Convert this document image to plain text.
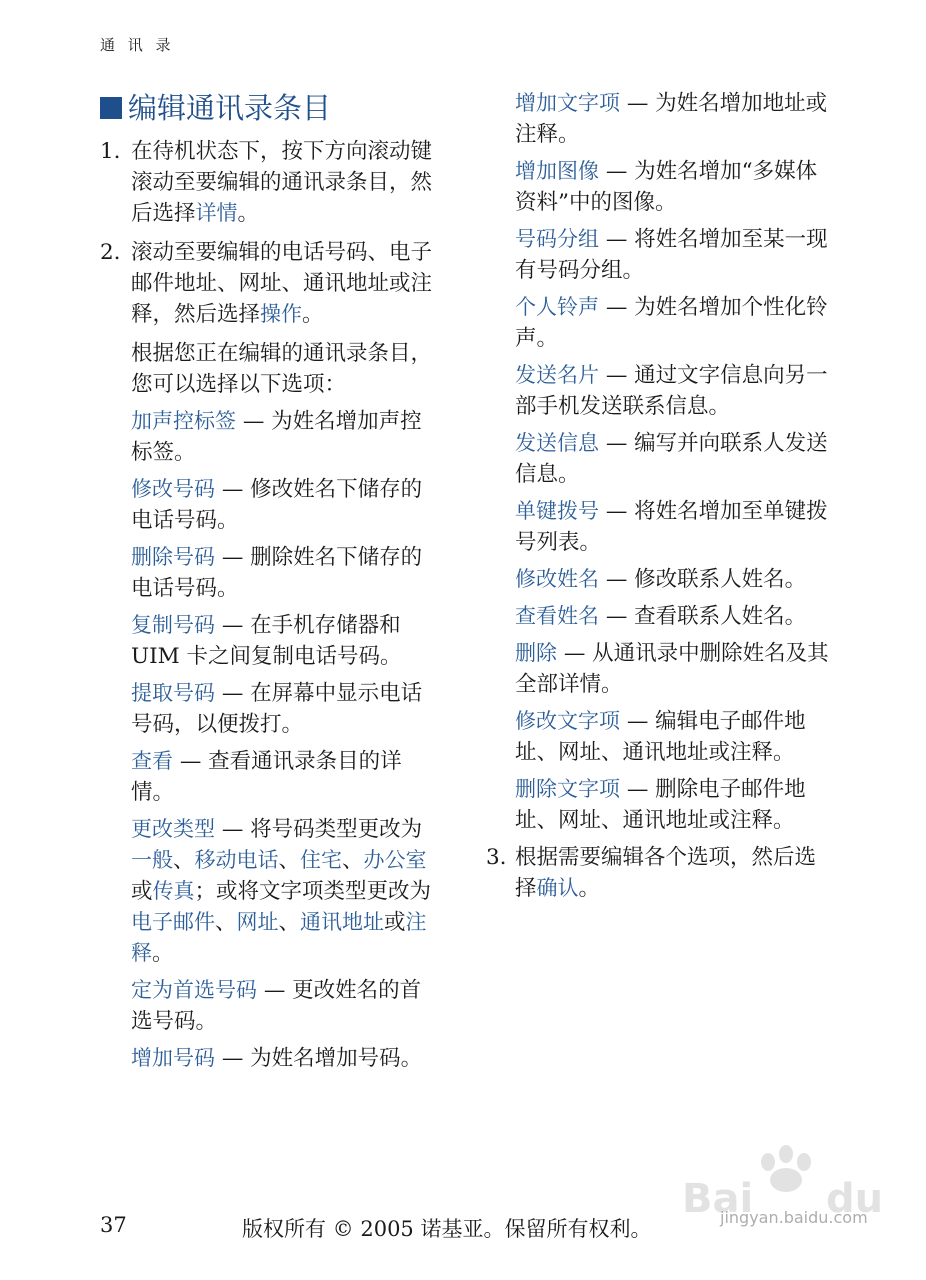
通 讯 录
编辑通讯录条目
1. 在待机状态下，按下方向滚动键滚动至要编辑的通讯录条目，然后选择详情。
2. 滚动至要编辑的电话号码、电子邮件地址、网址、通讯地址或注释，然后选择操作。
根据您正在编辑的通讯录条目，您可以选择以下选项：
加声控标签 — 为姓名增加声控标签。
修改号码 — 修改姓名下储存的电话号码。
删除号码 — 删除姓名下储存的电话号码。
复制号码 — 在手机存储器和 UIM 卡之间复制电话号码。
提取号码 — 在屏幕中显示电话号码，以便拨打。
查看 — 查看通讯录条目的详情。
更改类型 — 将号码类型更改为一般、移动电话、住宅、办公室或传真；或将文字项类型更改为电子邮件、网址、通讯地址或注释。
定为首选号码 — 更改姓名的首选号码。
增加号码 — 为姓名增加号码。
增加文字项 — 为姓名增加地址或注释。
增加图像 — 为姓名增加“多媒体资料”中的图像。
号码分组 — 将姓名增加至某一现有号码分组。
个人铃声 — 为姓名增加个性化铃声。
发送名片 — 通过文字信息向另一部手机发送联系信息。
发送信息 — 编写并向联系人发送信息。
单键拨号 — 将姓名增加至单键拨号列表。
修改姓名 — 修改联系人姓名。
查看姓名 — 查看联系人姓名。
删除 — 从通讯录中删除姓名及其全部详情。
修改文字项 — 编辑电子邮件地址、网址、通讯地址或注释。
删除文字项 — 删除电子邮件地址、网址、通讯地址或注释。
3. 根据需要编辑各个选项，然后选择确认。
Bai du
jingyan.baidu.com
37	版权所有 © 2005 诺基亚。保留所有权利。
